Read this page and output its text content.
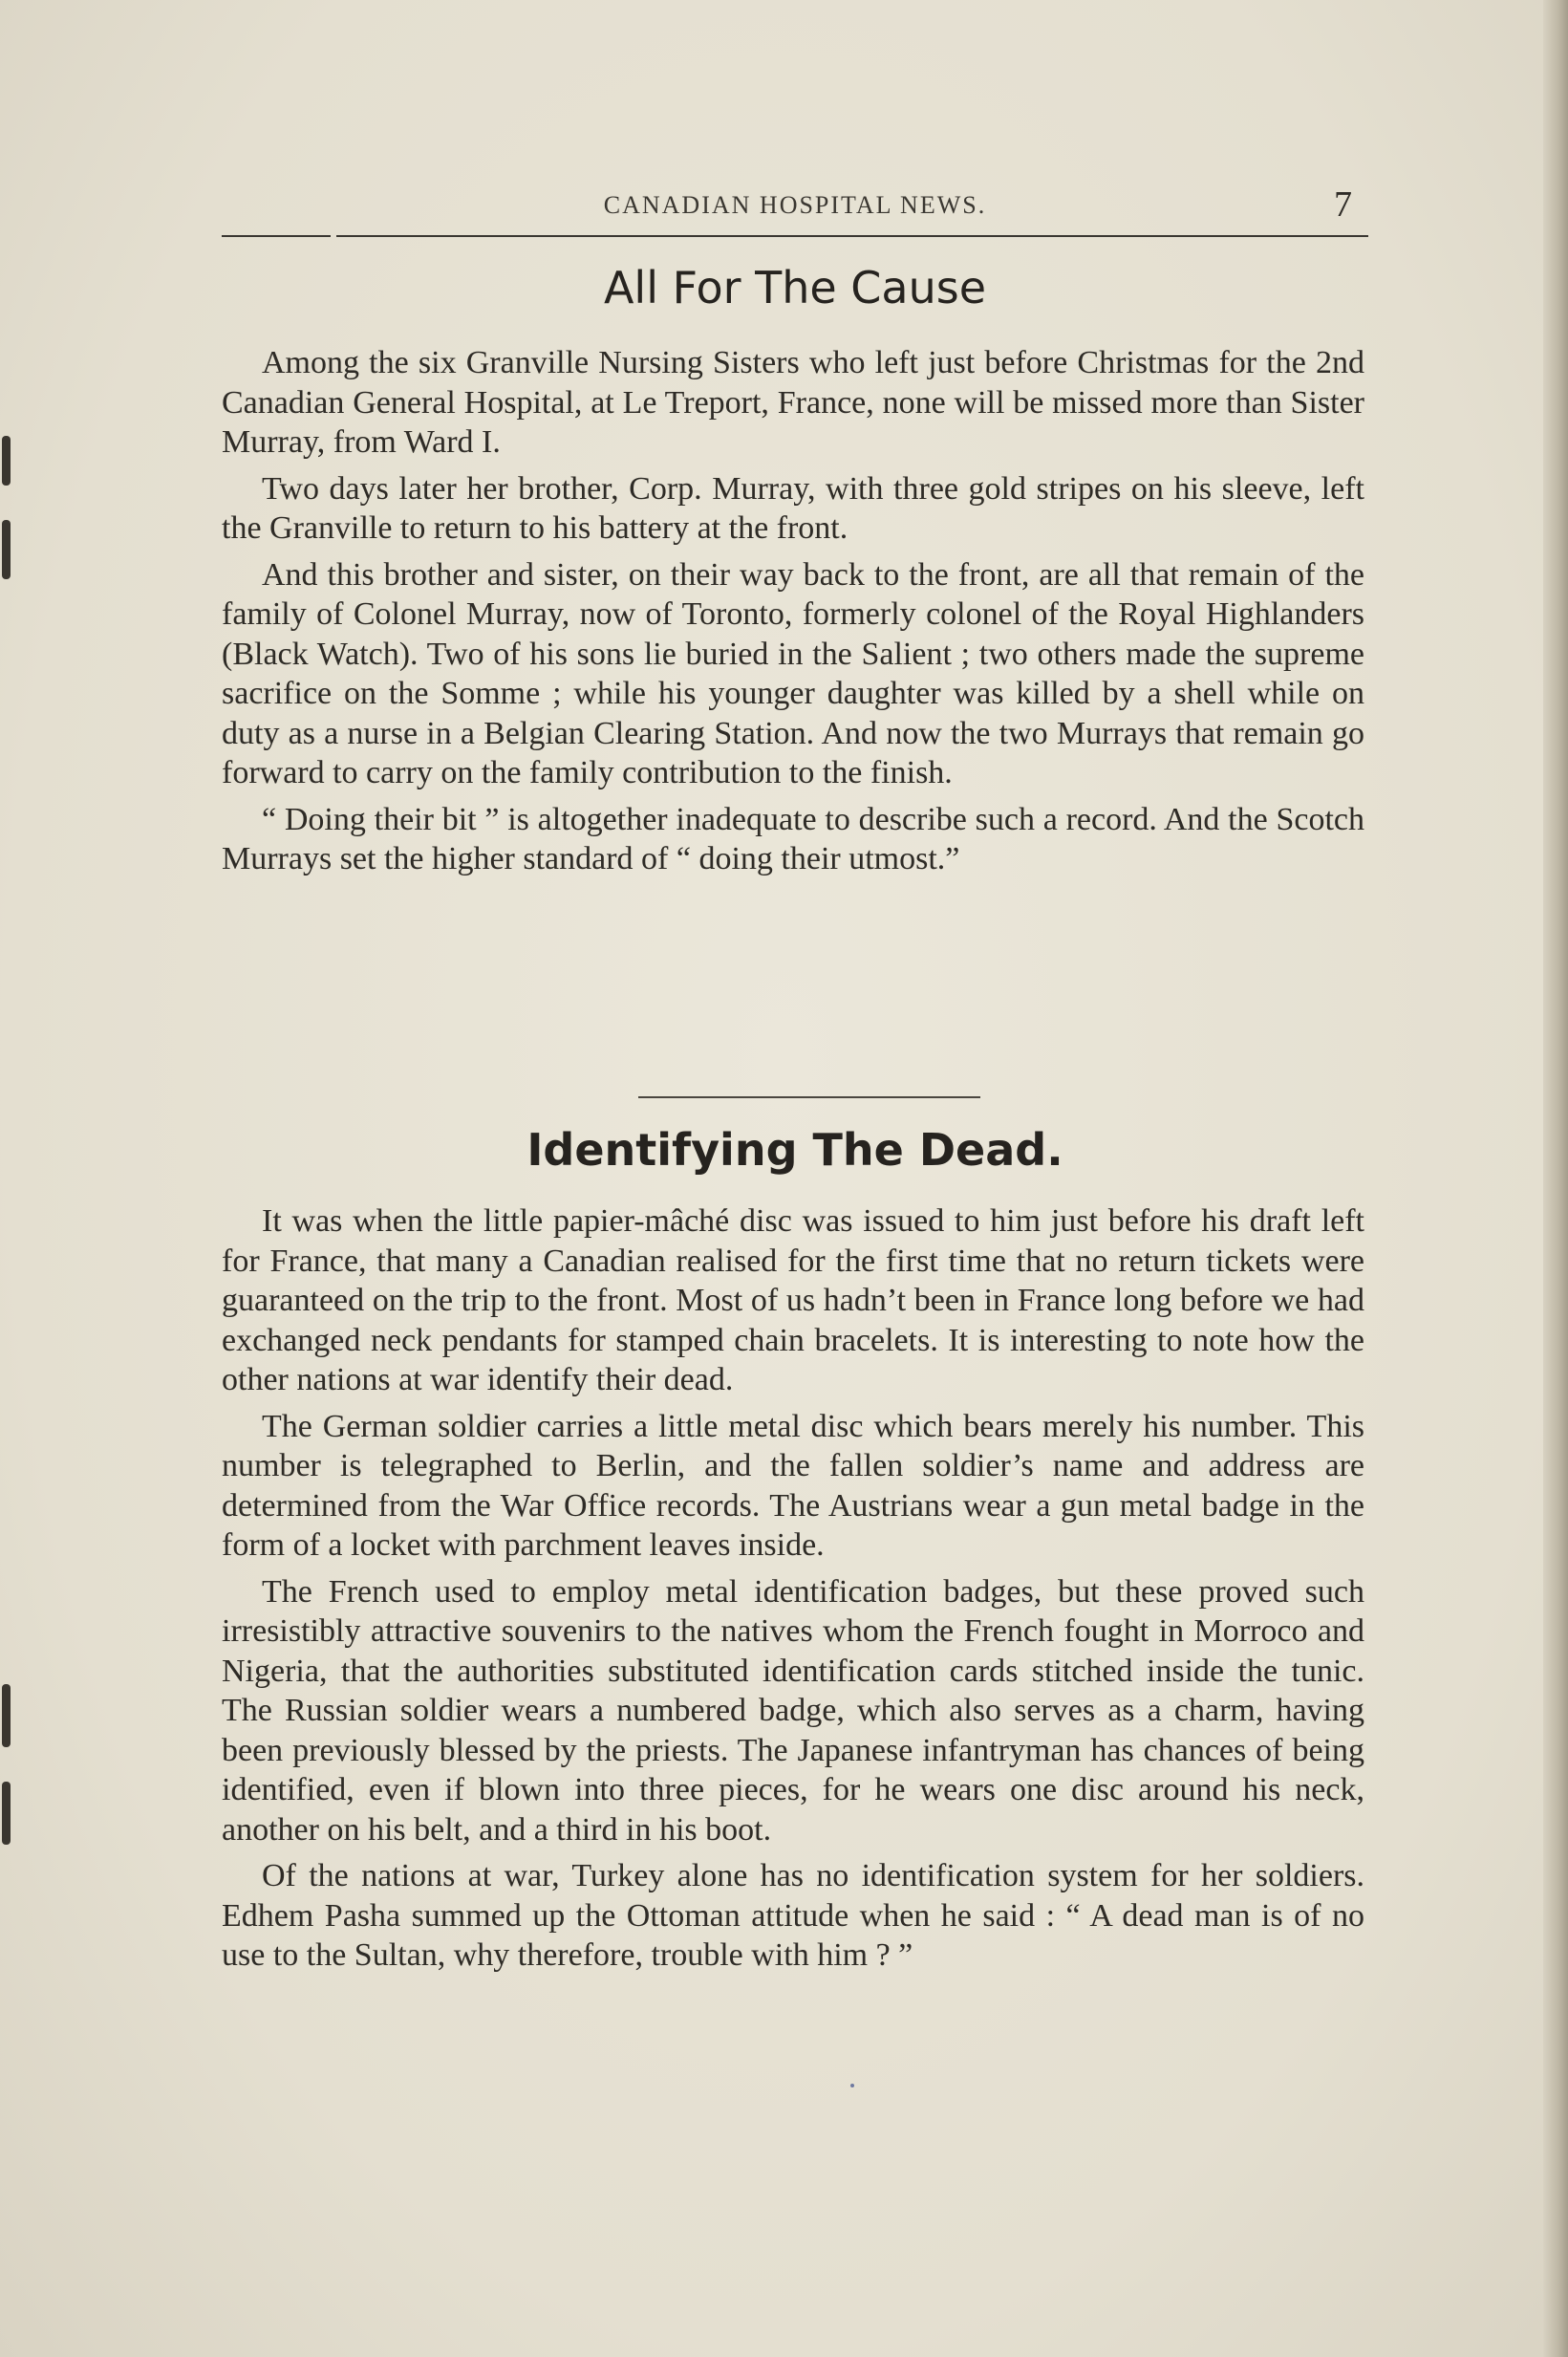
CANADIAN HOSPITAL NEWS.	7
All For The Cause

Among the six Granville Nursing Sisters who left just before Christmas for the 2nd Canadian General Hospital, at Le Treport, France, none will be missed more than Sister Murray, from Ward I.

Two days later her brother, Corp. Murray, with three gold stripes on his sleeve, left the Granville to return to his battery at the front.

And this brother and sister, on their way back to the front, are all that remain of the family of Colonel Murray, now of Toronto, formerly colonel of the Royal Highlanders (Black Watch). Two of his sons lie buried in the Salient ; two others made the supreme sacrifice on the Somme ; while his younger daughter was killed by a shell while on duty as a nurse in a Belgian Clearing Station. And now the two Murrays that remain go forward to carry on the family contribution to the finish.

“ Doing their bit ” is altogether inadequate to describe such a record. And the Scotch Murrays set the higher standard of “ doing their utmost.”

Identifying The Dead.

It was when the little papier-mâché disc was issued to him just before his draft left for France, that many a Canadian realised for the first time that no return tickets were guaranteed on the trip to the front. Most of us hadn’t been in France long before we had exchanged neck pendants for stamped chain bracelets. It is interesting to note how the other nations at war identify their dead.

The German soldier carries a little metal disc which bears merely his number. This number is telegraphed to Berlin, and the fallen soldier’s name and address are determined from the War Office records. The Austrians wear a gun metal badge in the form of a locket with parchment leaves inside.

The French used to employ metal identification badges, but these proved such irresistibly attractive souvenirs to the natives whom the French fought in Morroco and Nigeria, that the authorities substituted identification cards stitched inside the tunic. The Russian soldier wears a numbered badge, which also serves as a charm, having been previously blessed by the priests. The Japanese infantryman has chances of being identified, even if blown into three pieces, for he wears one disc around his neck, another on his belt, and a third in his boot.

Of the nations at war, Turkey alone has no identification system for her soldiers. Edhem Pasha summed up the Ottoman attitude when he said : “ A dead man is of no use to the Sultan, why therefore, trouble with him ? ”
